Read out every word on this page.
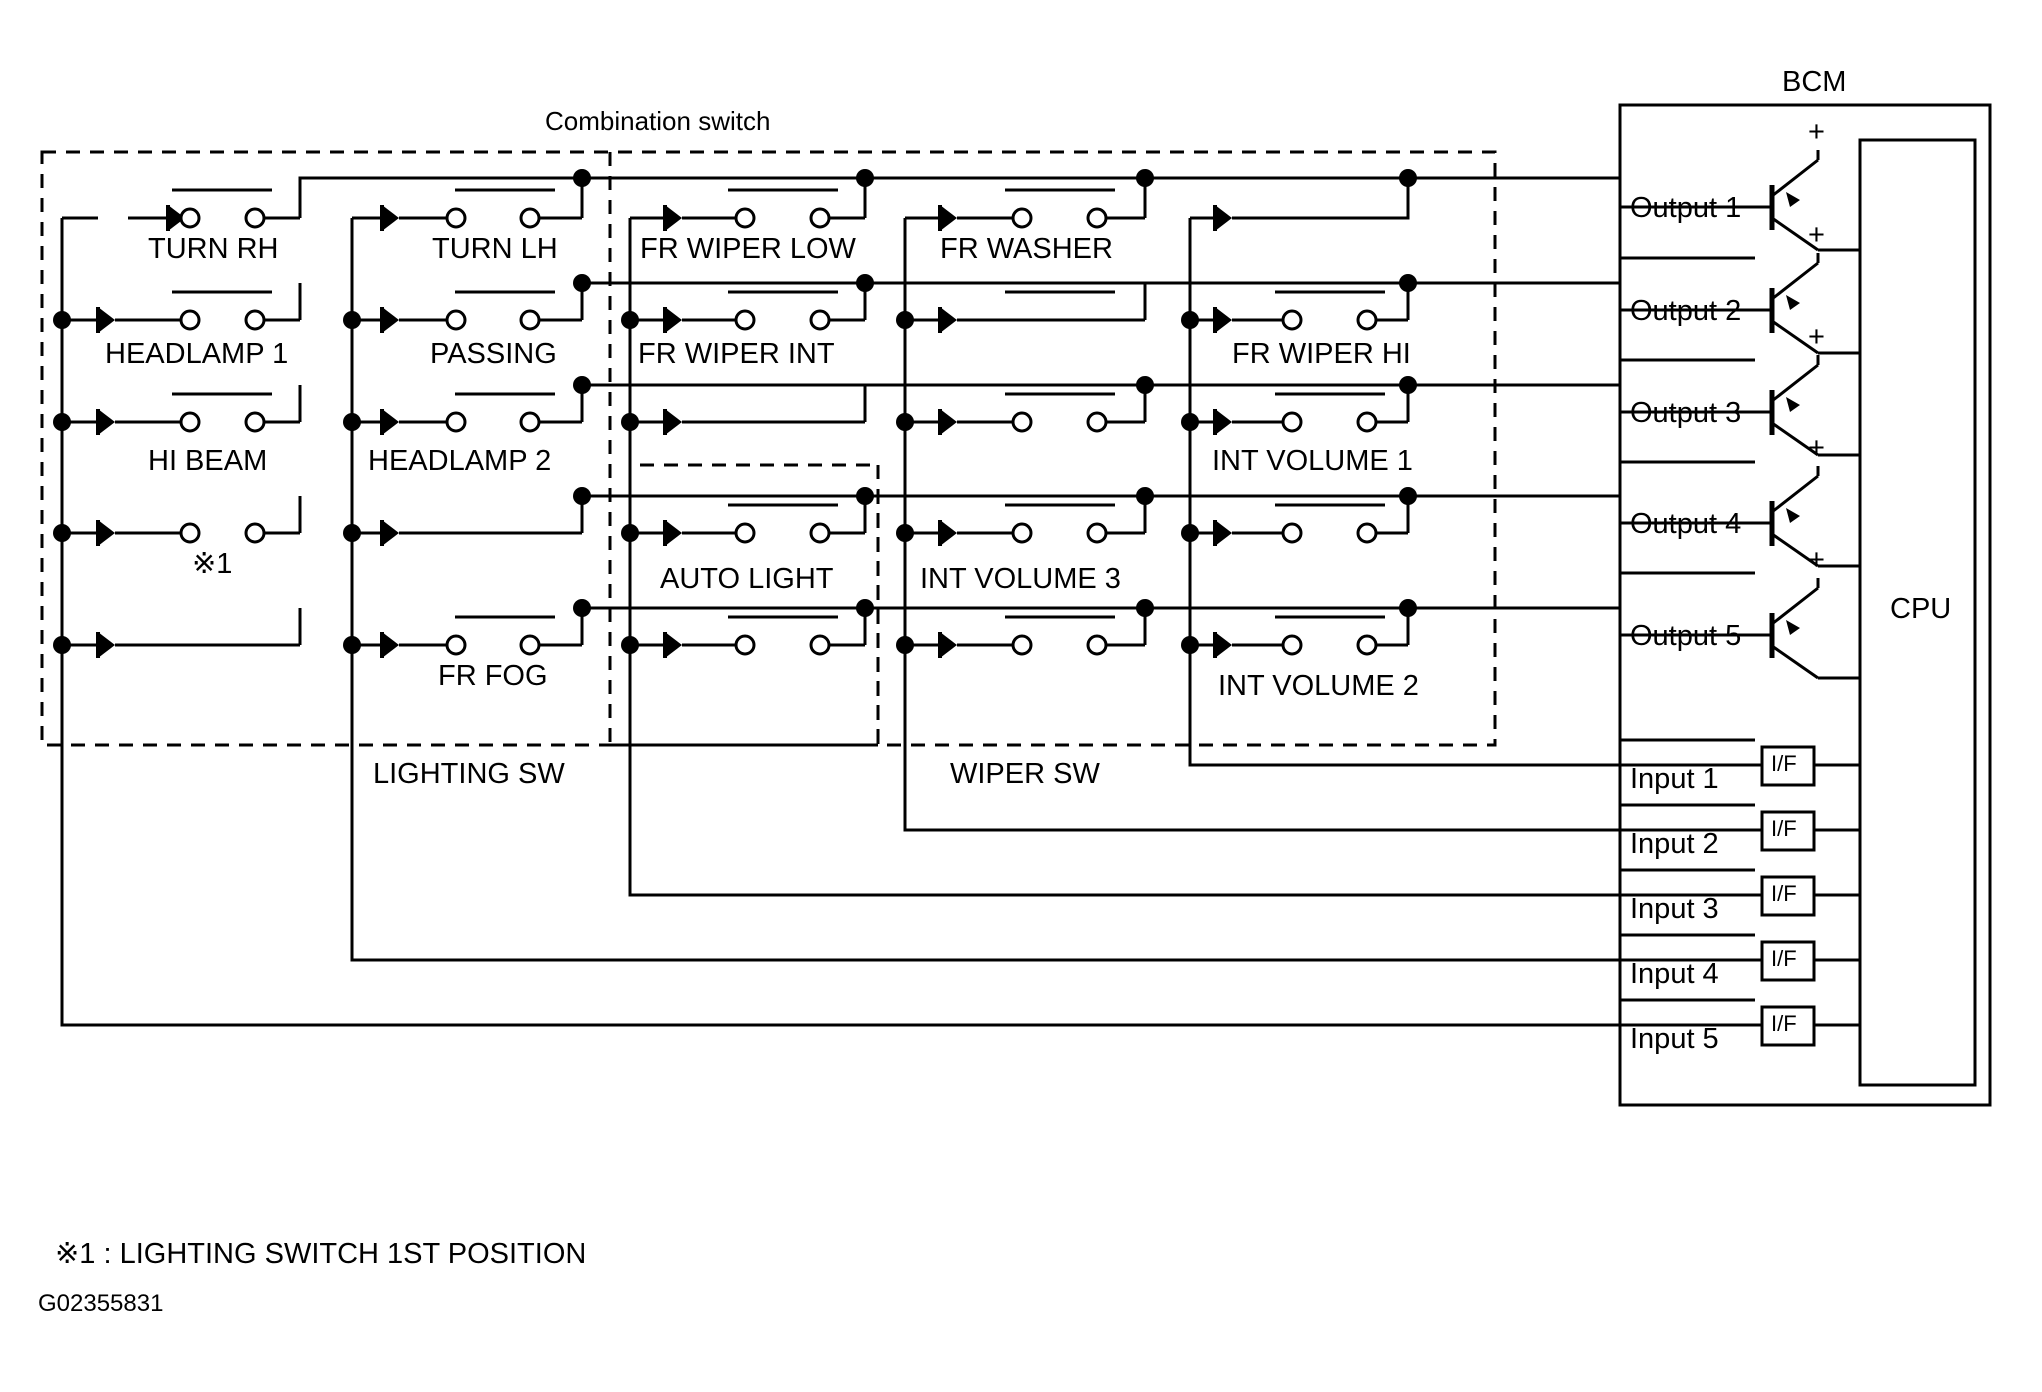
Combination switch
BCM
CPU
TURN RH	TURN LH	FR WIPER LOW	FR WASHER
HEADLAMP 1	PASSING	FR WIPER INT	FR WIPER HI
HI BEAM	HEADLAMP 2	INT VOLUME 1
※1	AUTO LIGHT	INT VOLUME 3
FR FOG	INT VOLUME 2
LIGHTING SW	WIPER SW
Output 1
Output 2
Output 3
Output 4
Output 5
+
+
+
+
+
Input 1
Input 2
Input 3
Input 4
Input 5
I/F
I/F
I/F
I/F
I/F
※1 : LIGHTING SWITCH 1ST POSITION
G02355831
